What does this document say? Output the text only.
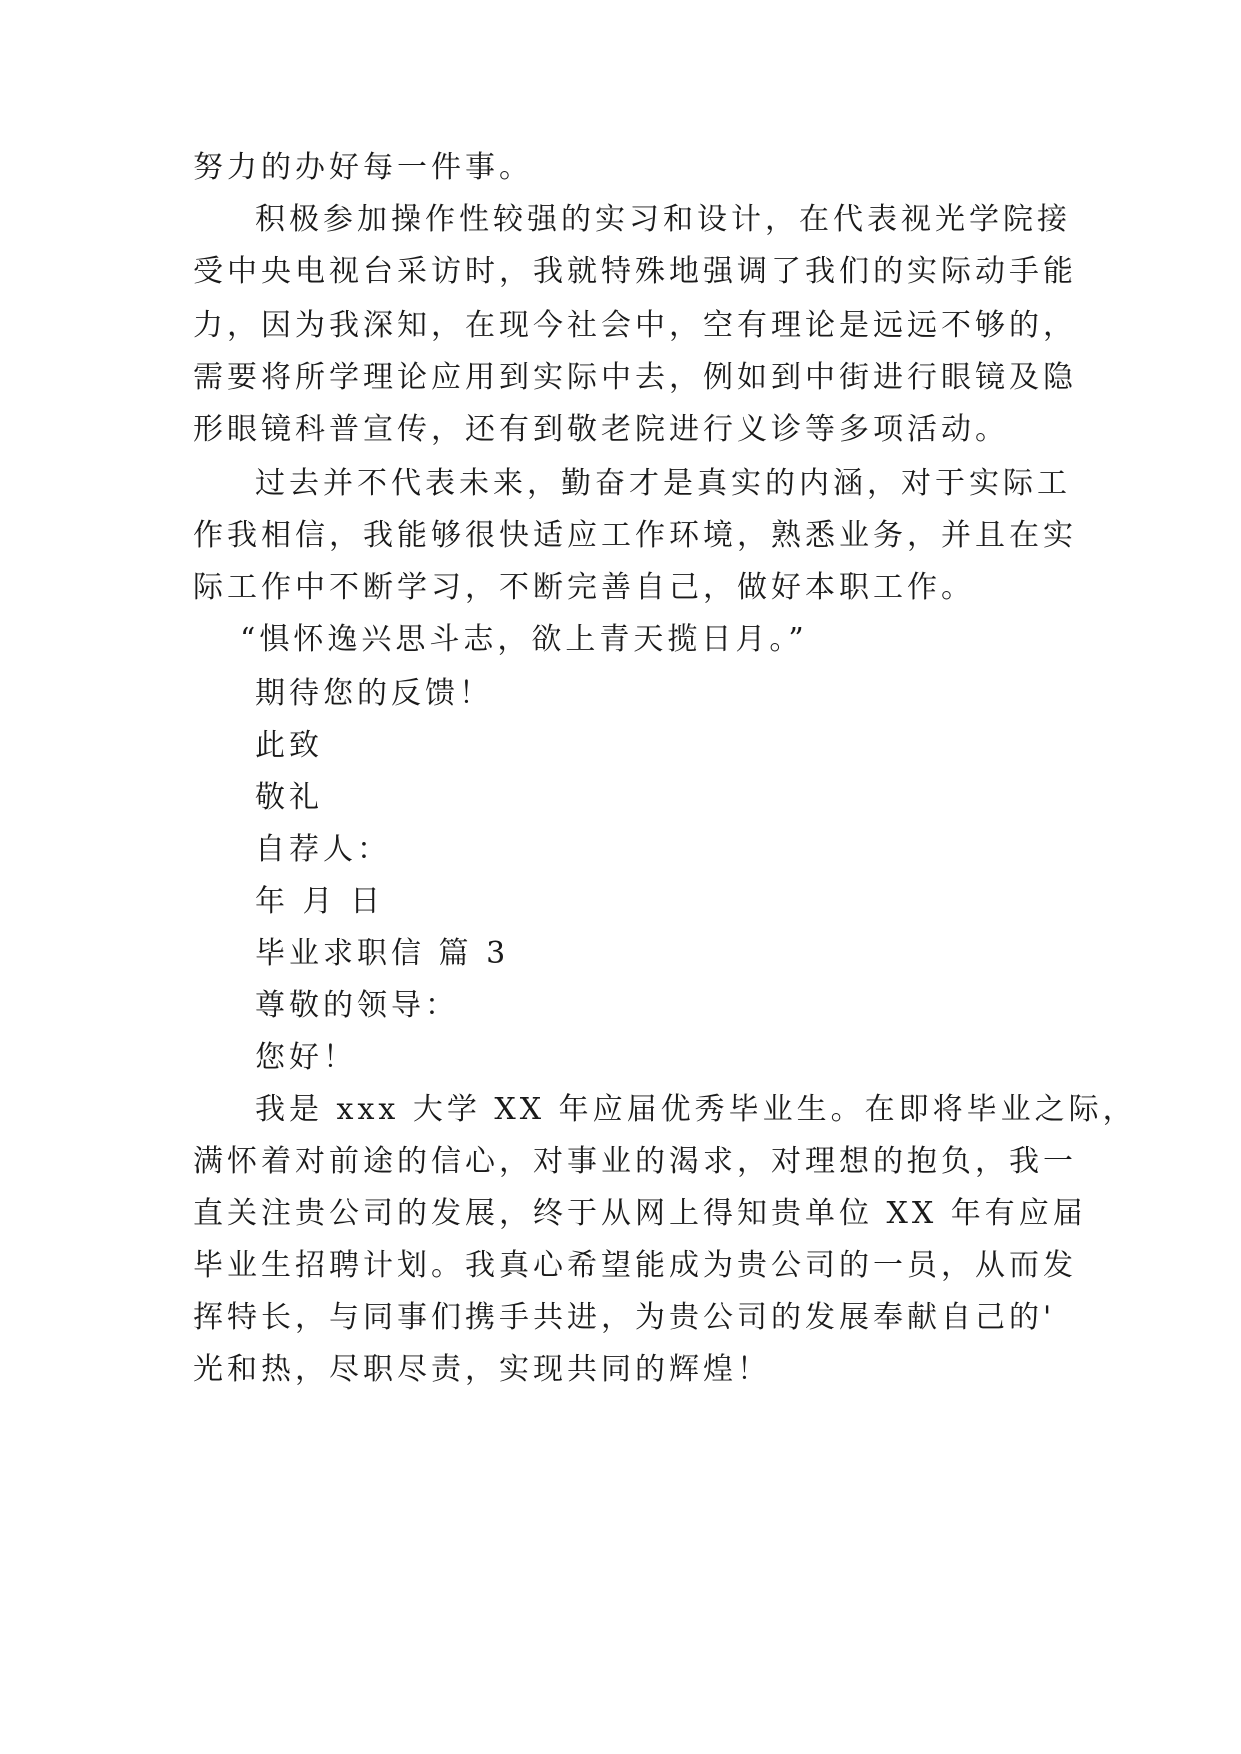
努力的办好每一件事。
积极参加操作性较强的实习和设计，在代表视光学院接
受中央电视台采访时，我就特殊地强调了我们的实际动手能
力，因为我深知，在现今社会中，空有理论是远远不够的，
需要将所学理论应用到实际中去，例如到中街进行眼镜及隐
形眼镜科普宣传，还有到敬老院进行义诊等多项活动。
过去并不代表未来，勤奋才是真实的内涵，对于实际工
作我相信，我能够很快适应工作环境，熟悉业务，并且在实
际工作中不断学习，不断完善自己，做好本职工作。
“惧怀逸兴思斗志，欲上青天揽日月。”
期待您的反馈！
此致
敬礼
自荐人：
年 月 日
毕业求职信 篇 3
尊敬的领导：
您好！
我是 xxx 大学 XX 年应届优秀毕业生。在即将毕业之际，
满怀着对前途的信心，对事业的渴求，对理想的抱负，我一
直关注贵公司的发展，终于从网上得知贵单位 XX 年有应届
毕业生招聘计划。我真心希望能成为贵公司的一员，从而发
挥特长，与同事们携手共进，为贵公司的发展奉献自己的'
光和热，尽职尽责，实现共同的辉煌！
